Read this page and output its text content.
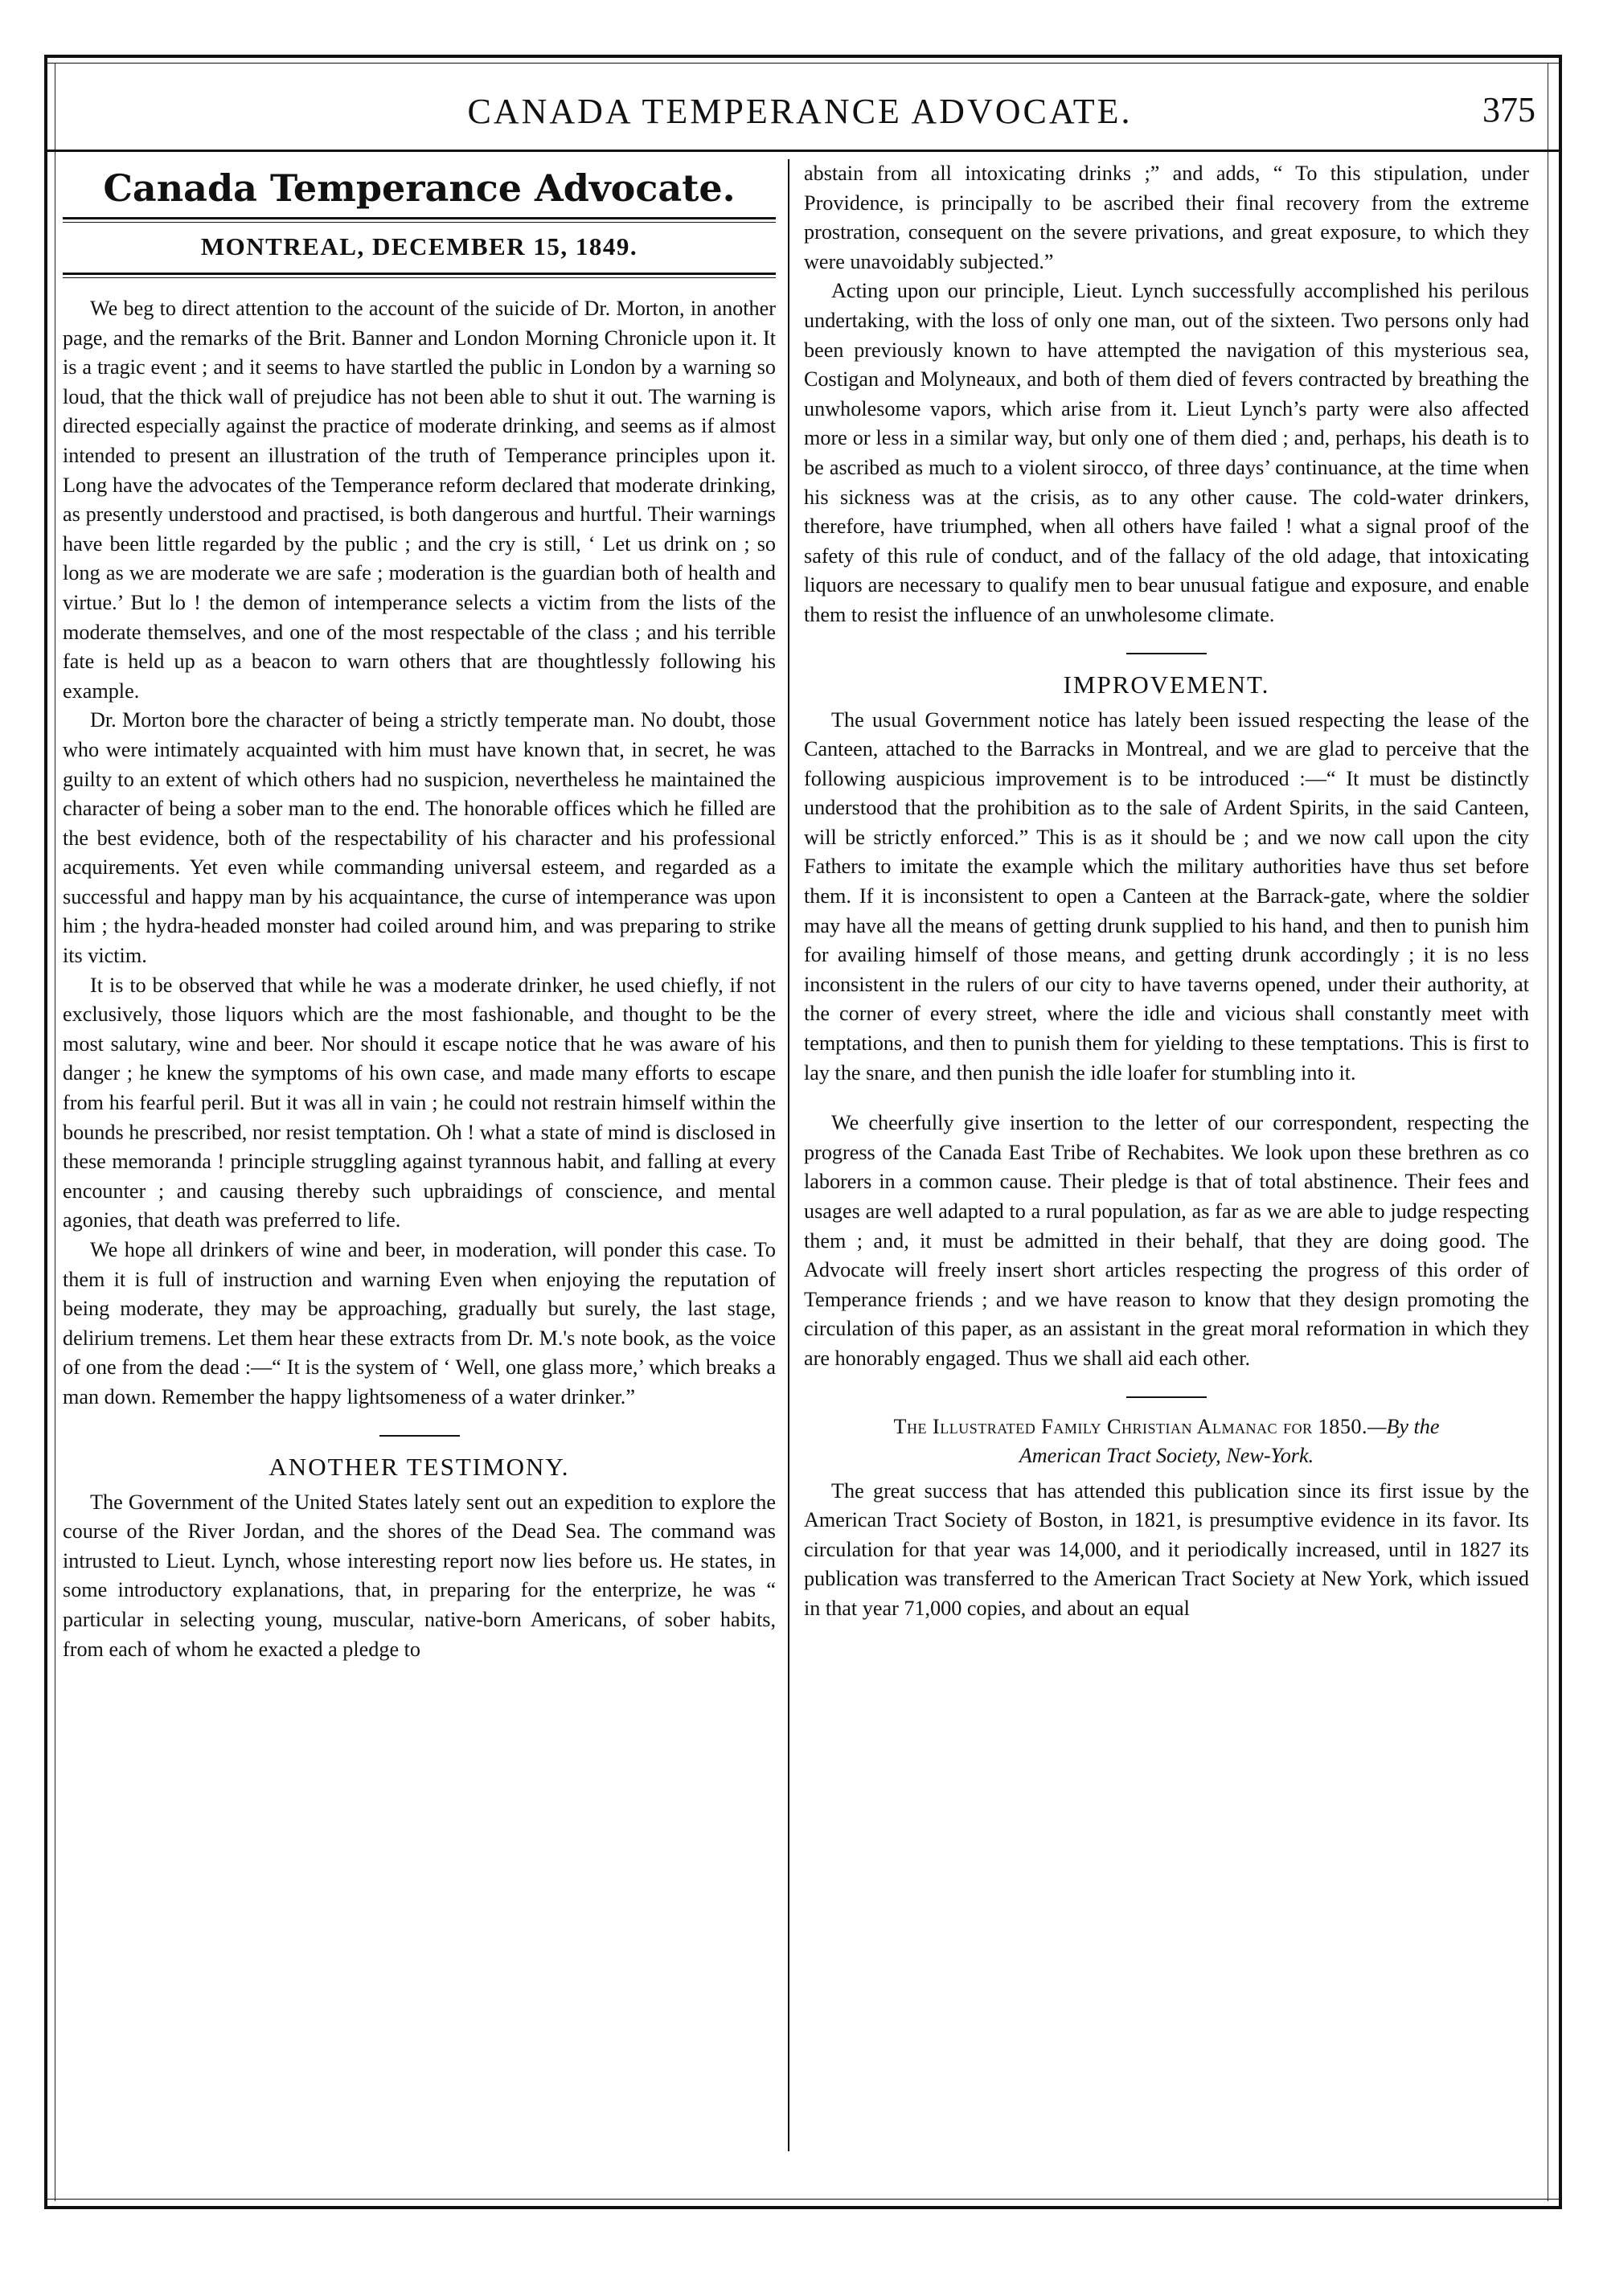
CANADA TEMPERANCE ADVOCATE.	375
Canada Temperance Advocate.
MONTREAL, DECEMBER 15, 1849.

We beg to direct attention to the account of the suicide of Dr. Morton, in another page, and the remarks of the Brit. Banner and London Morning Chronicle upon it. It is a tragic event ; and it seems to have startled the public in London by a warning so loud, that the thick wall of prejudice has not been able to shut it out. The warning is directed especially against the practice of moderate drinking, and seems as if almost intended to present an illustration of the truth of Temperance principles upon it. Long have the advocates of the Temperance reform declared that moderate drinking, as presently understood and practised, is both dangerous and hurtful. Their warnings have been little regarded by the public ; and the cry is still, ‘ Let us drink on ; so long as we are moderate we are safe ; moderation is the guardian both of health and virtue.’ But lo ! the demon of intemperance selects a victim from the lists of the moderate themselves, and one of the most respectable of the class ; and his terrible fate is held up as a beacon to warn others that are thoughtlessly following his example.

Dr. Morton bore the character of being a strictly temperate man. No doubt, those who were intimately acquainted with him must have known that, in secret, he was guilty to an extent of which others had no suspicion, nevertheless he maintained the character of being a sober man to the end. The honorable offices which he filled are the best evidence, both of the respectability of his character and his professional acquirements. Yet even while commanding universal esteem, and regarded as a successful and happy man by his acquaintance, the curse of intemperance was upon him ; the hydra-headed monster had coiled around him, and was preparing to strike its victim.

It is to be observed that while he was a moderate drinker, he used chiefly, if not exclusively, those liquors which are the most fashionable, and thought to be the most salutary, wine and beer. Nor should it escape notice that he was aware of his danger ; he knew the symptoms of his own case, and made many efforts to escape from his fearful peril. But it was all in vain ; he could not restrain himself within the bounds he prescribed, nor resist temptation. Oh ! what a state of mind is disclosed in these memoranda ! principle struggling against tyrannous habit, and falling at every encounter ; and causing thereby such upbraidings of conscience, and mental agonies, that death was preferred to life.

We hope all drinkers of wine and beer, in moderation, will ponder this case. To them it is full of instruction and warning Even when enjoying the reputation of being moderate, they may be approaching, gradually but surely, the last stage, delirium tremens. Let them hear these extracts from Dr. M.'s note book, as the voice of one from the dead :—“ It is the system of ‘ Well, one glass more,’ which breaks a man down. Remember the happy lightsomeness of a water drinker.”

ANOTHER TESTIMONY.

The Government of the United States lately sent out an expedition to explore the course of the River Jordan, and the shores of the Dead Sea. The command was intrusted to Lieut. Lynch, whose interesting report now lies before us. He states, in some introductory explanations, that, in preparing for the enterprize, he was “ particular in selecting young, muscular, native-born Americans, of sober habits, from each of whom he exacted a pledge to

abstain from all intoxicating drinks ;” and adds, “ To this stipulation, under Providence, is principally to be ascribed their final recovery from the extreme prostration, consequent on the severe privations, and great exposure, to which they were unavoidably subjected.”

Acting upon our principle, Lieut. Lynch successfully accomplished his perilous undertaking, with the loss of only one man, out of the sixteen. Two persons only had been previously known to have attempted the navigation of this mysterious sea, Costigan and Molyneaux, and both of them died of fevers contracted by breathing the unwholesome vapors, which arise from it. Lieut Lynch’s party were also affected more or less in a similar way, but only one of them died ; and, perhaps, his death is to be ascribed as much to a violent sirocco, of three days’ continuance, at the time when his sickness was at the crisis, as to any other cause. The cold-water drinkers, therefore, have triumphed, when all others have failed ! what a signal proof of the safety of this rule of conduct, and of the fallacy of the old adage, that intoxicating liquors are necessary to qualify men to bear unusual fatigue and exposure, and enable them to resist the influence of an unwholesome climate.

IMPROVEMENT.

The usual Government notice has lately been issued respecting the lease of the Canteen, attached to the Barracks in Montreal, and we are glad to perceive that the following auspicious improvement is to be introduced :—“ It must be distinctly understood that the prohibition as to the sale of Ardent Spirits, in the said Canteen, will be strictly enforced.” This is as it should be ; and we now call upon the city Fathers to imitate the example which the military authorities have thus set before them. If it is inconsistent to open a Canteen at the Barrack-gate, where the soldier may have all the means of getting drunk supplied to his hand, and then to punish him for availing himself of those means, and getting drunk accordingly ; it is no less inconsistent in the rulers of our city to have taverns opened, under their authority, at the corner of every street, where the idle and vicious shall constantly meet with temptations, and then to punish them for yielding to these temptations. This is first to lay the snare, and then punish the idle loafer for stumbling into it.

We cheerfully give insertion to the letter of our correspondent, respecting the progress of the Canada East Tribe of Rechabites. We look upon these brethren as co laborers in a common cause. Their pledge is that of total abstinence. Their fees and usages are well adapted to a rural population, as far as we are able to judge respecting them ; and, it must be admitted in their behalf, that they are doing good. The Advocate will freely insert short articles respecting the progress of this order of Temperance friends ; and we have reason to know that they design promoting the circulation of this paper, as an assistant in the great moral reformation in which they are honorably engaged. Thus we shall aid each other.

The Illustrated Family Christian Almanac for 1850.—By the
American Tract Society, New-York.

The great success that has attended this publication since its first issue by the American Tract Society of Boston, in 1821, is presumptive evidence in its favor. Its circulation for that year was 14,000, and it periodically increased, until in 1827 its publication was transferred to the American Tract Society at New York, which issued in that year 71,000 copies, and about an equal
